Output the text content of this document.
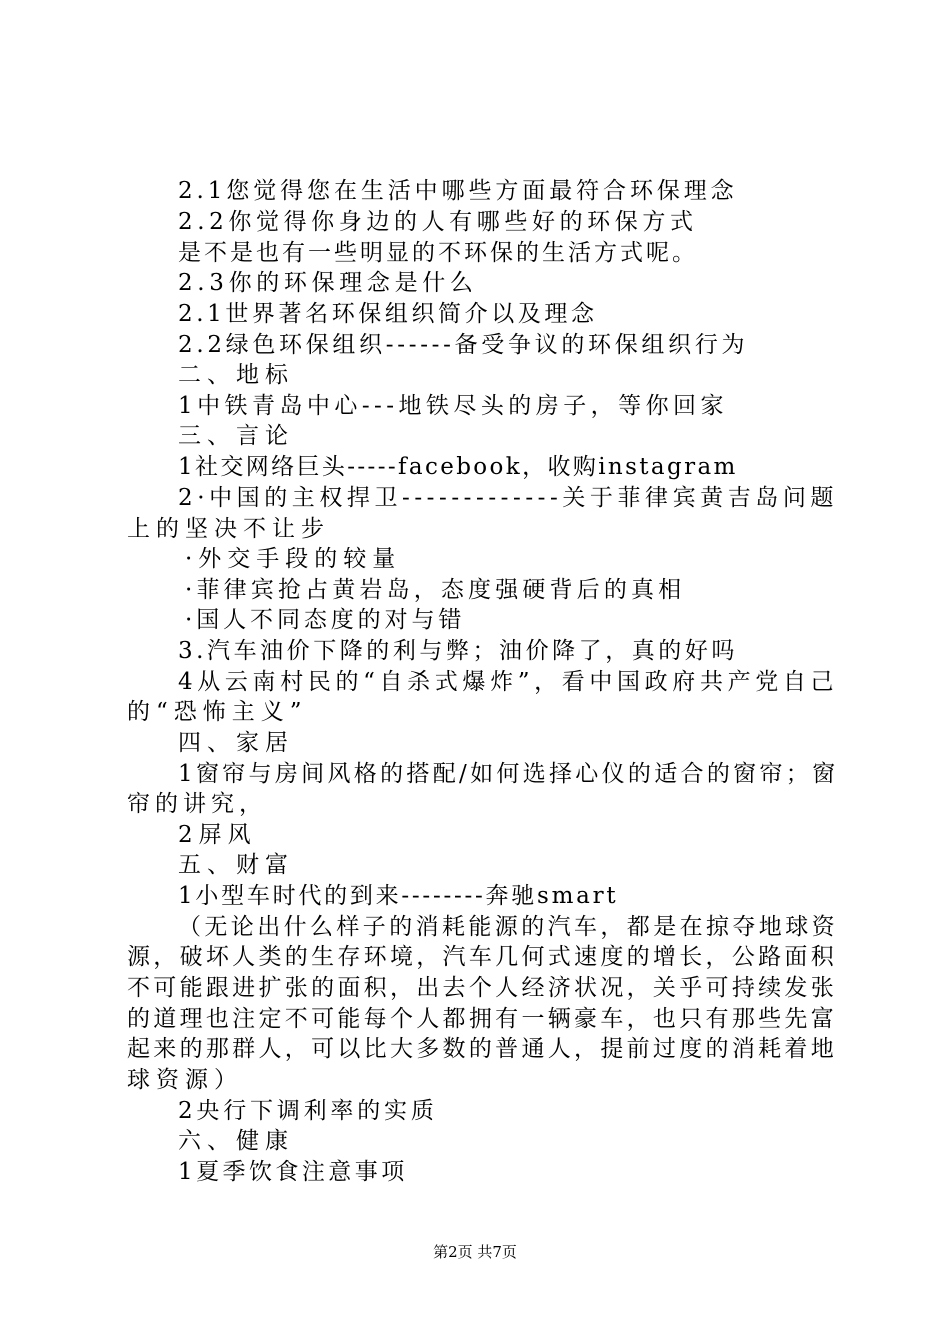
2.1您觉得您在生活中哪些方面最符合环保理念
2.2你觉得你身边的人有哪些好的环保方式
是不是也有一些明显的不环保的生活方式呢。
2.3你的环保理念是什么
2.1世界著名环保组织简介以及理念
2.2绿色环保组织------备受争议的环保组织行为
二、地标
1中铁青岛中心---地铁尽头的房子，等你回家
三、言论
1社交网络巨头-----facebook，收购instagram
2·中国的主权捍卫-------------关于菲律宾黄吉岛问题
上的坚决不让步
·外交手段的较量
·菲律宾抢占黄岩岛，态度强硬背后的真相
·国人不同态度的对与错
3.汽车油价下降的利与弊；油价降了，真的好吗
4从云南村民的“自杀式爆炸”，看中国政府共产党自己
的“恐怖主义”
四、家居
1窗帘与房间风格的搭配/如何选择心仪的适合的窗帘；窗
帘的讲究，
2屏风
五、财富
1小型车时代的到来--------奔驰smart
（无论出什么样子的消耗能源的汽车，都是在掠夺地球资
源，破坏人类的生存环境，汽车几何式速度的增长，公路面积
不可能跟进扩张的面积，出去个人经济状况，关乎可持续发张
的道理也注定不可能每个人都拥有一辆豪车，也只有那些先富
起来的那群人，可以比大多数的普通人，提前过度的消耗着地
球资源）
2央行下调利率的实质
六、健康
1夏季饮食注意事项
第2页 共7页
